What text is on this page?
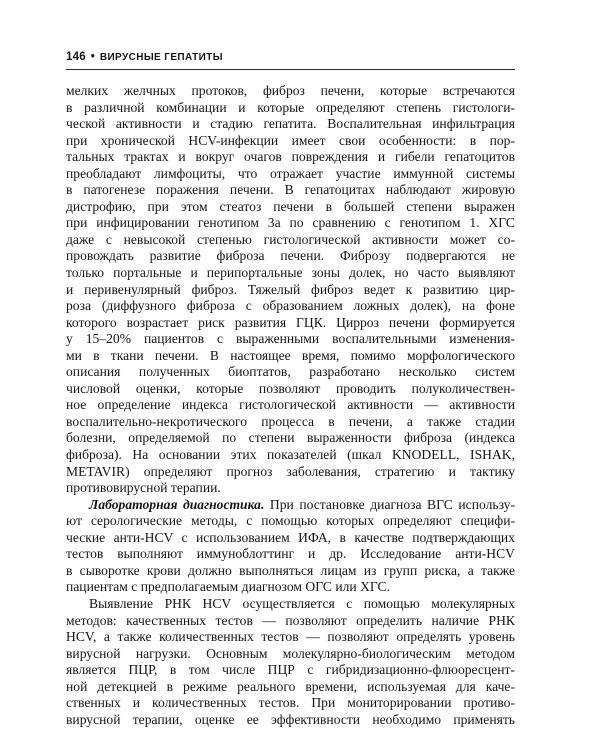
146 • ВИРУСНЫЕ ГЕПАТИТЫ
мелких желчных протоков, фиброз печени, которые встречаются
в различной комбинации и которые определяют степень гистологи-
ческой активности и стадию гепатита. Воспалительная инфильтрация
при хронической HCV-инфекции имеет свои особенности: в пор-
тальных трактах и вокруг очагов повреждения и гибели гепатоцитов
преобладают лимфоциты, что отражает участие иммунной системы
в патогенезе поражения печени. В гепатоцитах наблюдают жировую
дистрофию, при этом стеатоз печени в большей степени выражен
при инфицировании генотипом 3а по сравнению с генотипом 1. ХГС
даже с невысокой степенью гистологической активности может со-
провождать развитие фиброза печени. Фиброзу подвергаются не
только портальные и перипортальные зоны долек, но часто выявляют
и перивенулярный фиброз. Тяжелый фиброз ведет к развитию цир-
роза (диффузного фиброза с образованием ложных долек), на фоне
которого возрастает риск развития ГЦК. Цирроз печени формируется
у 15–20% пациентов с выраженными воспалительными изменения-
ми в ткани печени. В настоящее время, помимо морфологического
описания полученных биоптатов, разработано несколько систем
числовой оценки, которые позволяют проводить полуколичествен-
ное определение индекса гистологической активности — активности
воспалительно-некротического процесса в печени, а также стадии
болезни, определяемой по степени выраженности фиброза (индекса
фиброза). На основании этих показателей (шкал KNODELL, ISHAK,
METAVIR) определяют прогноз заболевания, стратегию и тактику
противовирусной терапии.
Лабораторная диагностика. При постановке диагноза ВГС использу-
ют серологические методы, с помощью которых определяют специфи-
ческие анти-HCV с использованием ИФА, в качестве подтверждающих
тестов выполняют иммуноблоттинг и др. Исследование анти-HCV
в сыворотке крови должно выполняться лицам из групп риска, а также
пациентам с предполагаемым диагнозом ОГС или ХГС.
Выявление РНК HCV осуществляется с помощью молекулярных
методов: качественных тестов — позволяют определить наличие РНК
HCV, а также количественных тестов — позволяют определять уровень
вирусной нагрузки. Основным молекулярно-биологическим методом
является ПЦР, в том числе ПЦР с гибридизационно-флюоресцент-
ной детекцией в режиме реального времени, используемая для каче-
ственных и количественных тестов. При мониторировании противо-
вирусной терапии, оценке ее эффективности необходимо применять
